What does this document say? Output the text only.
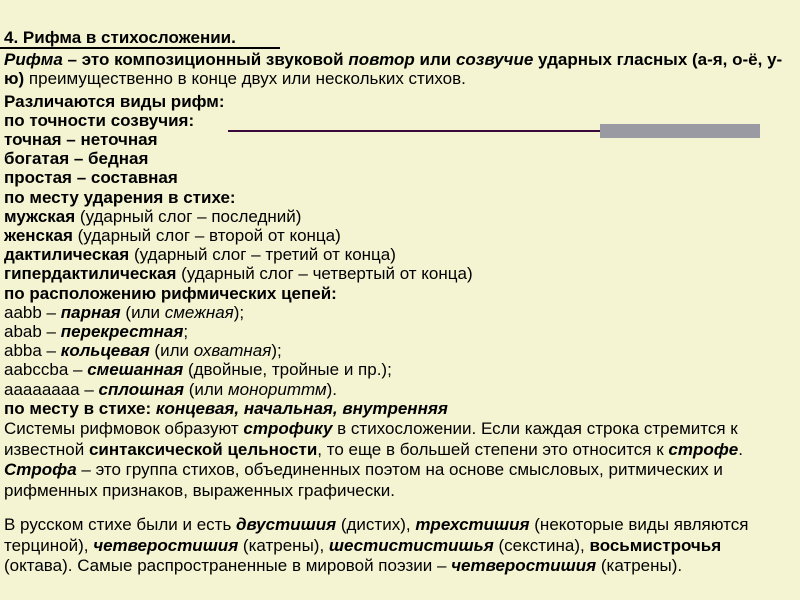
4. Рифма в стихосложении.
Рифма – это композиционный звуковой повтор или созвучие ударных гласных (а-я, о-ё, у-ю) преимущественно в конце двух или нескольких стихов.
Различаются виды рифм:
по точности созвучия:
точная – неточная
богатая – бедная
простая – составная
по месту ударения в стихе:
мужская (ударный слог – последний)
женская (ударный слог – второй от конца)
дактилическая (ударный слог – третий от конца)
гипердактилическая (ударный слог – четвертый от конца)
по расположению рифмических цепей:
aabb – парная (или смежная);
abab – перекрестная;
abba – кольцевая (или охватная);
aabccba – смешанная (двойные, тройные и пр.);
aaaaaaaa – сплошная (или монориттм).
по месту в стихе: концевая, начальная, внутренняя
Системы рифмовок образуют строфику в стихосложении. Если каждая строка стремится к известной синтаксической цельности, то еще в большей степени это относится к строфе. Строфа – это группа стихов, объединенных поэтом на основе смысловых, ритмических и рифменных признаков, выраженных графически.
В русском стихе были и есть двустишия (дистих), трехстишия (некоторые виды являются терциной), четверостишия (катрены), шестистистишья (секстина), восьмистрочья (октава). Самые распространенные в мировой поэзии – четверостишия (катрены).
